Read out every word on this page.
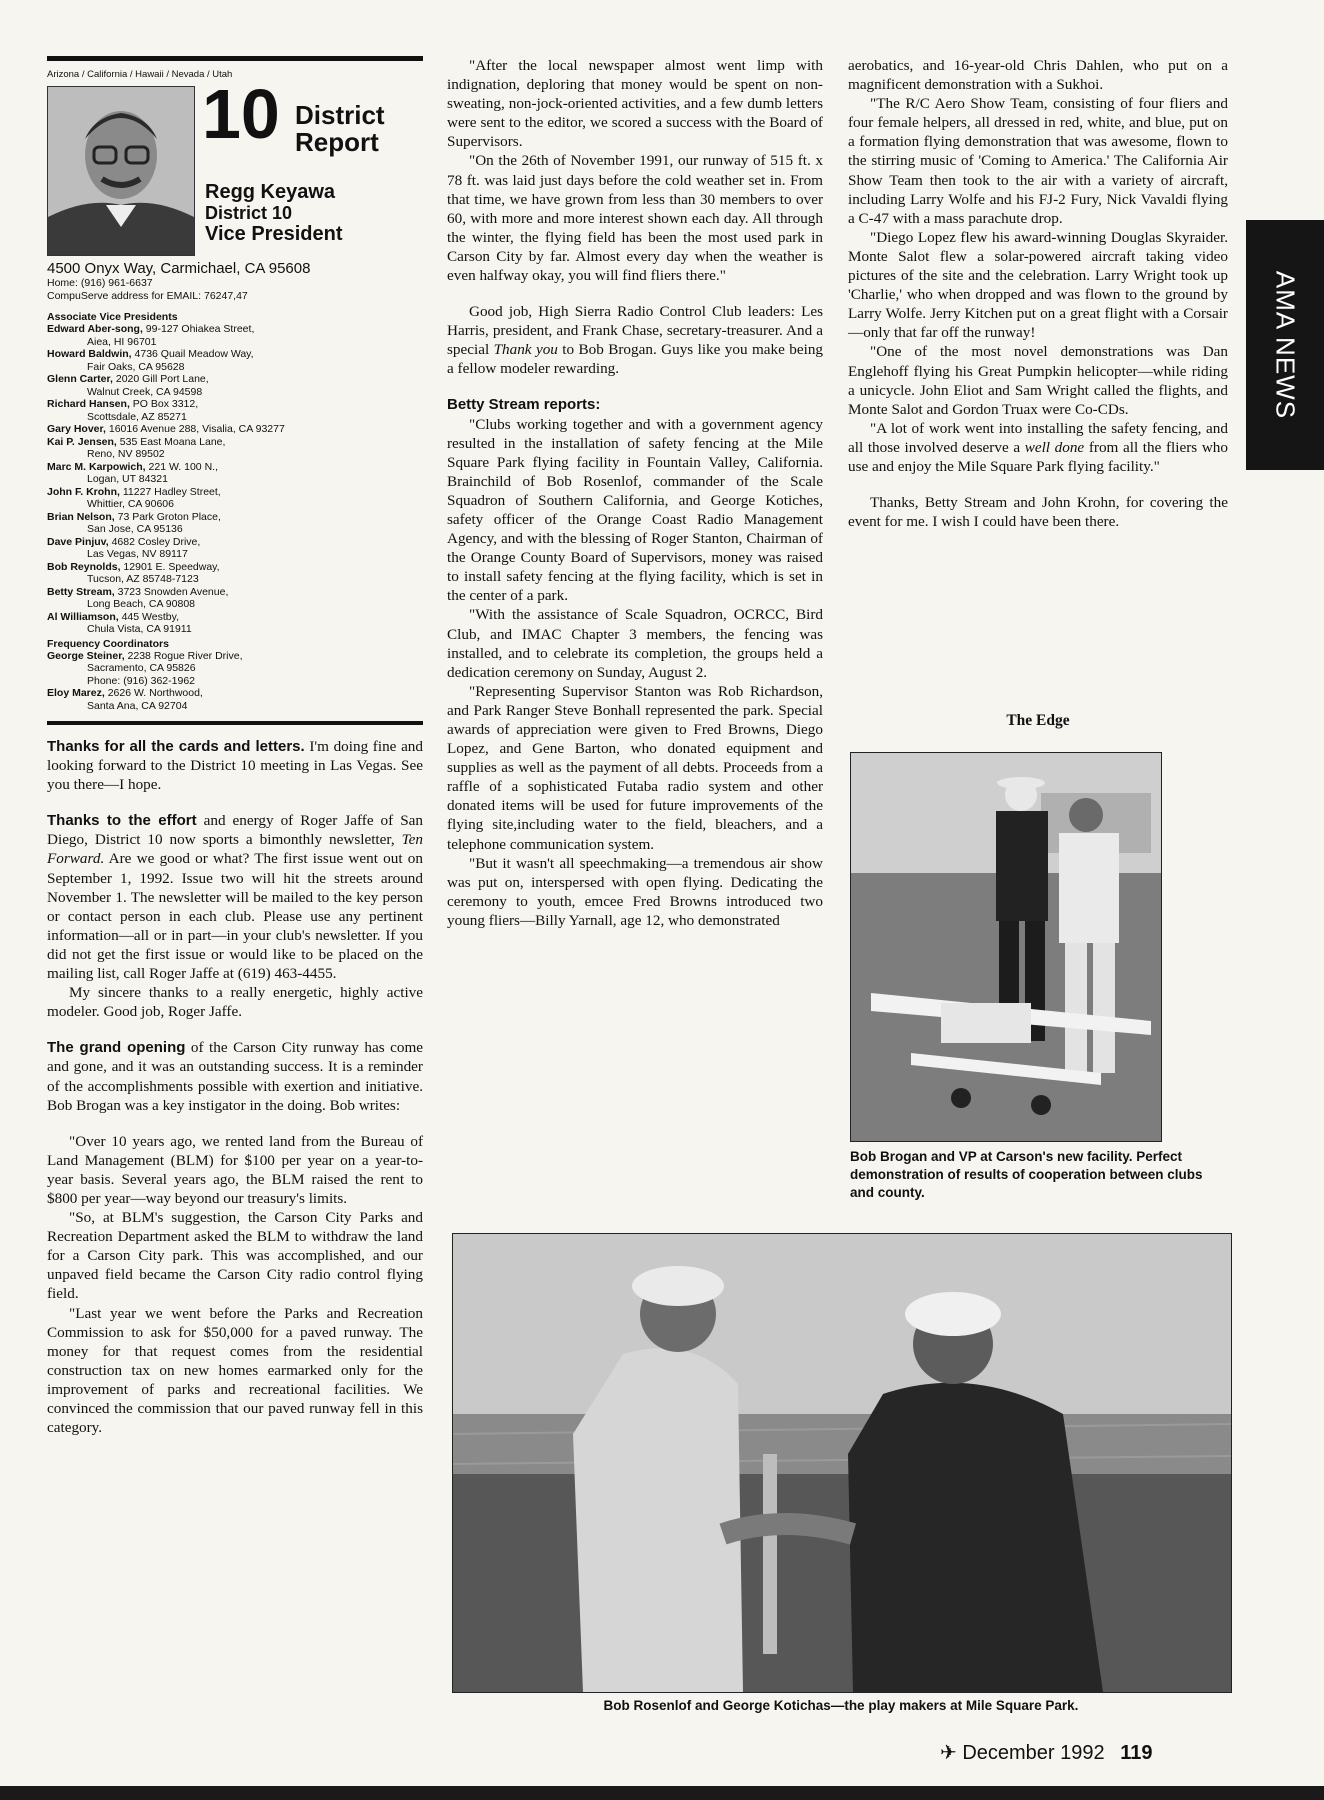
AMA NEWS
Arizona / California / Hawaii / Nevada / Utah
10 District
Report
Regg Keyawa
District 10
Vice President
4500 Onyx Way, Carmichael, CA 95608
Home: (916) 961-6637
CompuServe address for EMAIL: 76247,47
Associate Vice Presidents
Edward Aber-song, 99-127 Ohiakea Street,
Aiea, HI 96701
Howard Baldwin, 4736 Quail Meadow Way,
Fair Oaks, CA 95628
Glenn Carter, 2020 Gill Port Lane,
Walnut Creek, CA 94598
Richard Hansen, PO Box 3312,
Scottsdale, AZ 85271
Gary Hover, 16016 Avenue 288, Visalia, CA 93277
Kai P. Jensen, 535 East Moana Lane,
Reno, NV 89502
Marc M. Karpowich, 221 W. 100 N.,
Logan, UT 84321
John F. Krohn, 11227 Hadley Street,
Whittier, CA 90606
Brian Nelson, 73 Park Groton Place,
San Jose, CA 95136
Dave Pinjuv, 4682 Cosley Drive,
Las Vegas, NV 89117
Bob Reynolds, 12901 E. Speedway,
Tucson, AZ 85748-7123
Betty Stream, 3723 Snowden Avenue,
Long Beach, CA 90808
Al Williamson, 445 Westby,
Chula Vista, CA 91911
Frequency Coordinators
George Steiner, 2238 Rogue River Drive,
Sacramento, CA 95826
Phone: (916) 362-1962
Eloy Marez, 2626 W. Northwood,
Santa Ana, CA 92704

Thanks for all the cards and letters. I'm doing fine and looking forward to the District 10 meeting in Las Vegas. See you there—I hope.

Thanks to the effort and energy of Roger Jaffe of San Diego, District 10 now sports a bimonthly newsletter, Ten Forward. Are we good or what? The first issue went out on September 1, 1992. Issue two will hit the streets around November 1. The newsletter will be mailed to the key person or contact person in each club. Please use any pertinent information—all or in part—in your club's newsletter. If you did not get the first issue or would like to be placed on the mailing list, call Roger Jaffe at (619) 463-4455.

My sincere thanks to a really energetic, highly active modeler. Good job, Roger Jaffe.

The grand opening of the Carson City runway has come and gone, and it was an outstanding success. It is a reminder of the accomplishments possible with exertion and initiative. Bob Brogan was a key instigator in the doing. Bob writes:

"Over 10 years ago, we rented land from the Bureau of Land Management (BLM) for $100 per year on a year-to-year basis. Several years ago, the BLM raised the rent to $800 per year—way beyond our treasury's limits.

"So, at BLM's suggestion, the Carson City Parks and Recreation Department asked the BLM to withdraw the land for a Carson City park. This was accomplished, and our unpaved field became the Carson City radio control flying field.

"Last year we went before the Parks and Recreation Commission to ask for $50,000 for a paved runway. The money for that request comes from the residential construction tax on new homes earmarked only for the improvement of parks and recreational facilities. We convinced the commission that our paved runway fell in this category.

"After the local newspaper almost went limp with indignation, deploring that money would be spent on non-sweating, non-jock-oriented activities, and a few dumb letters were sent to the editor, we scored a success with the Board of Supervisors.

"On the 26th of November 1991, our runway of 515 ft. x 78 ft. was laid just days before the cold weather set in. From that time, we have grown from less than 30 members to over 60, with more and more interest shown each day. All through the winter, the flying field has been the most used park in Carson City by far. Almost every day when the weather is even halfway okay, you will find fliers there."

Good job, High Sierra Radio Control Club leaders: Les Harris, president, and Frank Chase, secretary-treasurer. And a special Thank you to Bob Brogan. Guys like you make being a fellow modeler rewarding.

Betty Stream reports:

"Clubs working together and with a government agency resulted in the installation of safety fencing at the Mile Square Park flying facility in Fountain Valley, California. Brainchild of Bob Rosenlof, commander of the Scale Squadron of Southern California, and George Kotiches, safety officer of the Orange Coast Radio Management Agency, and with the blessing of Roger Stanton, Chairman of the Orange County Board of Supervisors, money was raised to install safety fencing at the flying facility, which is set in the center of a park.

"With the assistance of Scale Squadron, OCRCC, Bird Club, and IMAC Chapter 3 members, the fencing was installed, and to celebrate its completion, the groups held a dedication ceremony on Sunday, August 2.

"Representing Supervisor Stanton was Rob Richardson, and Park Ranger Steve Bonhall represented the park. Special awards of appreciation were given to Fred Browns, Diego Lopez, and Gene Barton, who donated equipment and supplies as well as the payment of all debts. Proceeds from a raffle of a sophisticated Futaba radio system and other donated items will be used for future improvements of the flying site,including water to the field, bleachers, and a telephone communication system.

"But it wasn't all speechmaking—a tremendous air show was put on, interspersed with open flying. Dedicating the ceremony to youth, emcee Fred Browns introduced two young fliers—Billy Yarnall, age 12, who demonstrated

aerobatics, and 16-year-old Chris Dahlen, who put on a magnificent demonstration with a Sukhoi.

"The R/C Aero Show Team, consisting of four fliers and four female helpers, all dressed in red, white, and blue, put on a formation flying demonstration that was awesome, flown to the stirring music of 'Coming to America.' The California Air Show Team then took to the air with a variety of aircraft, including Larry Wolfe and his FJ-2 Fury, Nick Vavaldi flying a C-47 with a mass parachute drop.

"Diego Lopez flew his award-winning Douglas Skyraider. Monte Salot flew a solar-powered aircraft taking video pictures of the site and the celebration. Larry Wright took up 'Charlie,' who when dropped and was flown to the ground by Larry Wolfe. Jerry Kitchen put on a great flight with a Corsair—only that far off the runway!

"One of the most novel demonstrations was Dan Englehoff flying his Great Pumpkin helicopter—while riding a unicycle. John Eliot and Sam Wright called the flights, and Monte Salot and Gordon Truax were Co-CDs.

"A lot of work went into installing the safety fencing, and all those involved deserve a well done from all the fliers who use and enjoy the Mile Square Park flying facility."

Thanks, Betty Stream and John Krohn, for covering the event for me. I wish I could have been there.

The Edge
Bob Brogan and VP at Carson's new facility. Perfect demonstration of results of cooperation between clubs and county.
Bob Rosenlof and George Kotichas—the play makers at Mile Square Park.
✈ December 1992 119
